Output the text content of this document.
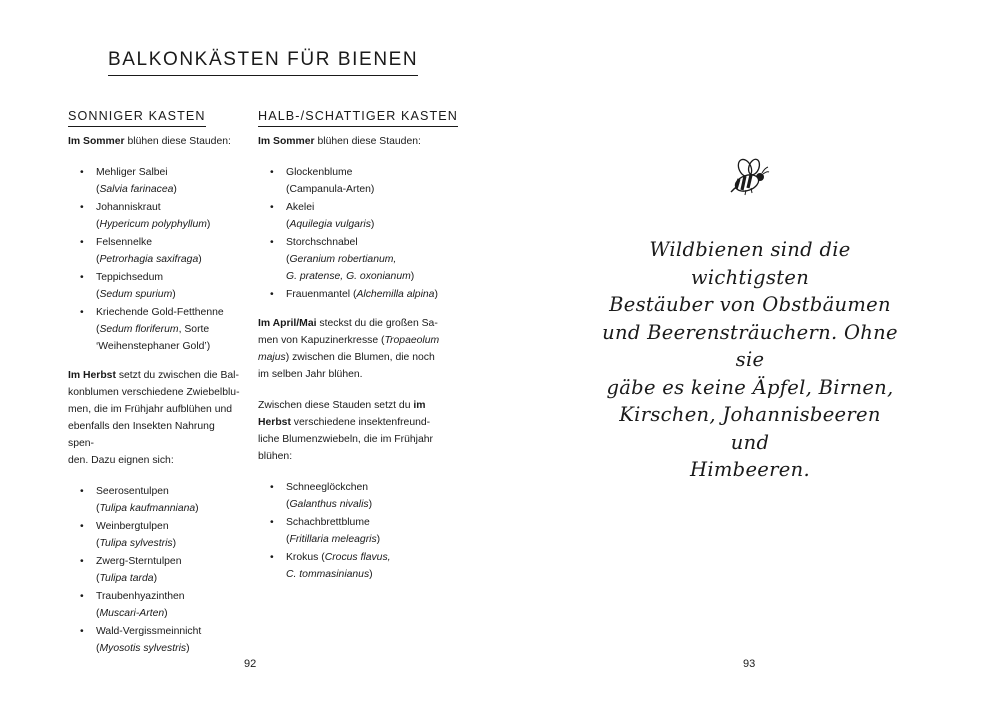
BALKONKÄSTEN FÜR BIENEN
SONNIGER KASTEN

Im Sommer blühen diese Stauden:

• Mehliger Salbei
(Salvia farinacea)
• Johanniskraut
(Hypericum polyphyllum)
• Felsennelke
(Petrorhagia saxifraga)
• Teppichsedum
(Sedum spurium)
• Kriechende Gold-Fetthenne
(Sedum floriferum, Sorte
‘Weihenstephaner Gold’)

Im Herbst setzt du zwischen die Bal-
konblumen verschiedene Zwiebelblu-
men, die im Frühjahr aufblühen und
ebenfalls den Insekten Nahrung spen-
den. Dazu eignen sich:

• Seerosentulpen
(Tulipa kaufmanniana)
• Weinbergtulpen
(Tulipa sylvestris)
• Zwerg-Sterntulpen
(Tulipa tarda)
• Traubenhyazinthen
(Muscari-Arten)
• Wald-Vergissmeinnicht
(Myosotis sylvestris)
HALB-/SCHATTIGER KASTEN

Im Sommer blühen diese Stauden:

• Glockenblume
(Campanula-Arten)
• Akelei
(Aquilegia vulgaris)
• Storchschnabel
(Geranium robertianum,
G. pratense, G. oxonianum)
• Frauenmantel (Alchemilla alpina)

Im April/Mai steckst du die großen Sa-
men von Kapuzinerkresse (Tropaeolum
majus) zwischen die Blumen, die noch
im selben Jahr blühen.

Zwischen diese Stauden setzt du im
Herbst verschiedene insektenfreund-
liche Blumenzwiebeln, die im Frühjahr
blühen:

• Schneeglöckchen
(Galanthus nivalis)
• Schachbrettblume
(Fritillaria meleagris)
• Krokus (Crocus flavus,
C. tommasinianus)
92
Wildbienen sind die wichtigsten
Bestäuber von Obstbäumen
und Beerensträuchern. Ohne sie
gäbe es keine Äpfel, Birnen,
Kirschen, Johannisbeeren und
Himbeeren.
93
